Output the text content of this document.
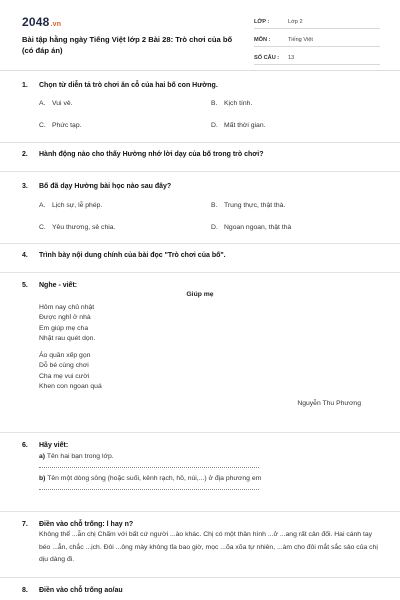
2048.vn
Bài tập hằng ngày Tiếng Việt lớp 2 Bài 28: Trò chơi của bố (có đáp án)
LỚP :	Lớp 2
MÔN :	Tiếng Việt
SỐ CÂU :	13
1.	Chọn từ diễn tả trò chơi ăn cỗ của hai bố con Hường.
A. Vui vẻ.	B. Kịch tính.
C. Phức tạp.	D. Mất thời gian.
2.	Hành động nào cho thấy Hường nhớ lời dạy của bố trong trò chơi?
3.	Bố đã dạy Hường bài học nào sau đây?
A. Lịch sự, lễ phép.	B. Trung thực, thật thà.
C. Yêu thương, sẻ chia.	D. Ngoan ngoan, thật thà
4.	Trình bày nội dung chính của bài đọc "Trò chơi của bố".
5.	Nghe - viết:
Giúp mẹ
Hôm nay chủ nhật
Được nghỉ ở nhà
Em giúp mẹ cha
Nhặt rau quét dọn.
Áo quần xếp gọn
Dỗ bé cùng chơi
Cha mẹ vui cười
Khen con ngoan quá
Nguyễn Thu Phương
6.	Hãy viết:
a) Tên hai bạn trong lớp.
b) Tên một dòng sông (hoặc suối, kênh rạch, hồ, núi,...) ở địa phương em
7.	Điền vào chỗ trống: l hay n?
Không thể ...ẫn chị Chấm với bất cứ người ...ào khác. Chị có một thân hình ...ở ...ang rất cân đối. Hai cánh tay béo ...ẳn, chắc ...ịch. Đôi ...ông mày không tỉa bao giờ, mọc ...õa xõa tự nhiên, ...àm cho đôi mắt sắc sảo của chị dịu dàng đi.
8.	Điền vào chỗ trống ao/au
